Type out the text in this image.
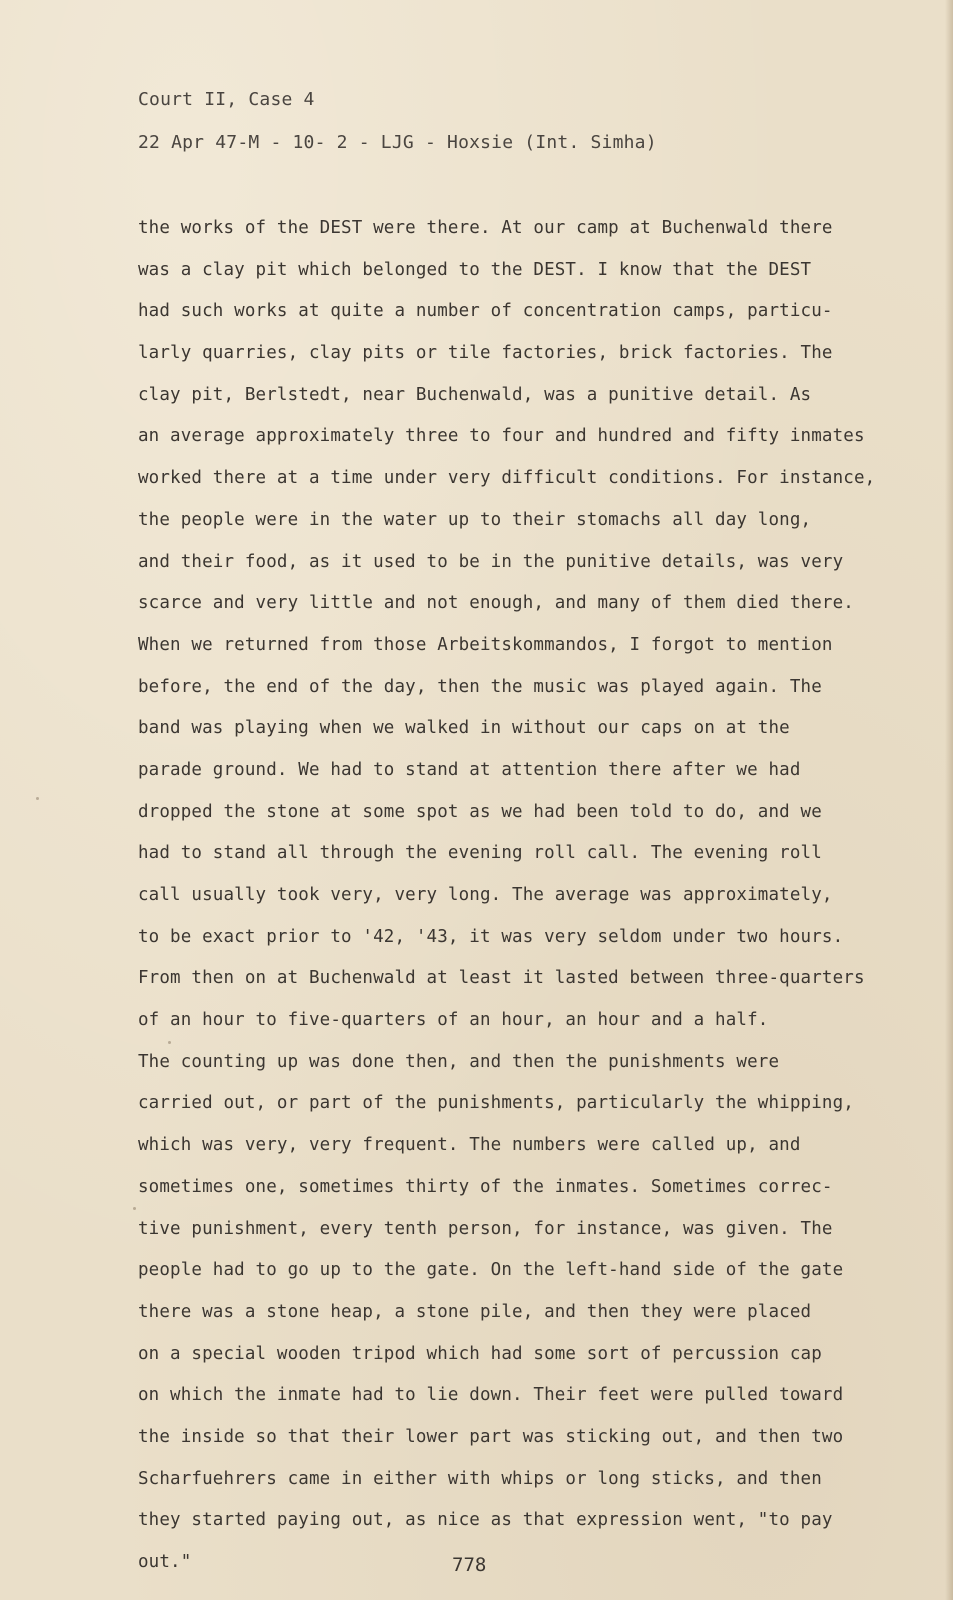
Court II, Case 4
22 Apr 47-M - 10- 2 - LJG - Hoxsie (Int. Simha)
the works of the DEST were there. At our camp at Buchenwald there
was a clay pit which belonged to the DEST. I know that the DEST
had such works at quite a number of concentration camps, particu-
larly quarries, clay pits or tile factories, brick factories. The
clay pit, Berlstedt, near Buchenwald, was a punitive detail. As
an average approximately three to four and hundred and fifty inmates
worked there at a time under very difficult conditions. For instance,
the people were in the water up to their stomachs all day long,
and their food, as it used to be in the punitive details, was very
scarce and very little and not enough, and many of them died there.
When we returned from those Arbeitskommandos, I forgot to mention
before, the end of the day, then the music was played again. The
band was playing when we walked in without our caps on at the
parade ground. We had to stand at attention there after we had
dropped the stone at some spot as we had been told to do, and we
had to stand all through the evening roll call. The evening roll
call usually took very, very long. The average was approximately,
to be exact prior to '42, '43, it was very seldom under two hours.
From then on at Buchenwald at least it lasted between three-quarters
of an hour to five-quarters of an hour, an hour and a half.
The counting up was done then, and then the punishments were
carried out, or part of the punishments, particularly the whipping,
which was very, very frequent. The numbers were called up, and
sometimes one, sometimes thirty of the inmates. Sometimes correc-
tive punishment, every tenth person, for instance, was given. The
people had to go up to the gate. On the left-hand side of the gate
there was a stone heap, a stone pile, and then they were placed
on a special wooden tripod which had some sort of percussion cap
on which the inmate had to lie down. Their feet were pulled toward
the inside so that their lower part was sticking out, and then two
Scharfuehrers came in either with whips or long sticks, and then
they started paying out, as nice as that expression went, "to pay
out."	778
